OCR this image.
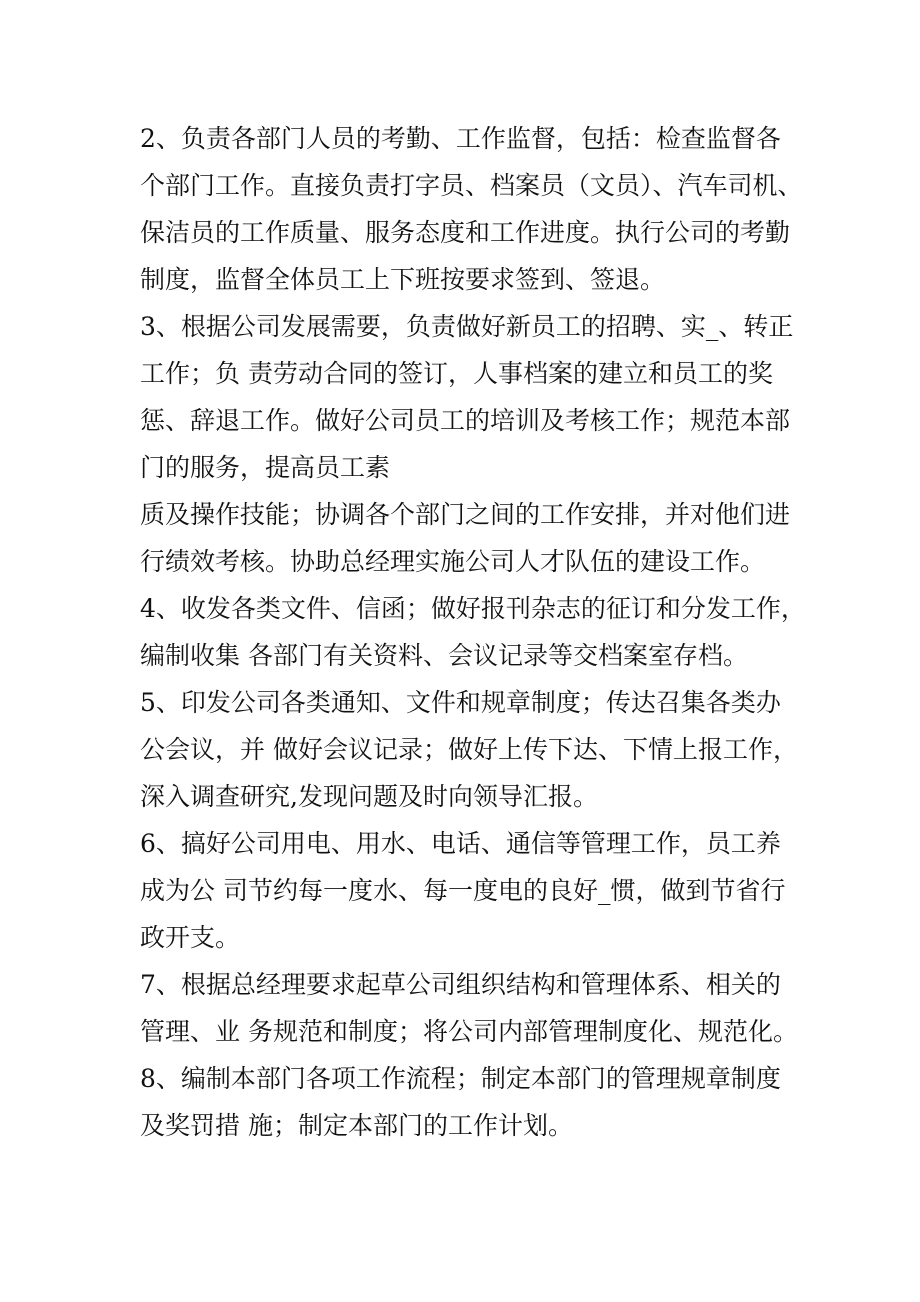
2、负责各部门人员的考勤、工作监督，包括：检查监督各

个部门工作。直接负责打字员、档案员（文员）、汽车司机、

保洁员的工作质量、服务态度和工作进度。执行公司的考勤

制度，监督全体员工上下班按要求签到、签退。

3、根据公司发展需要，负责做好新员工的招聘、实_、转正

工作；负 责劳动合同的签订，人事档案的建立和员工的奖

惩、辞退工作。做好公司员工的培训及考核工作；规范本部

门的服务，提高员工素

质及操作技能；协调各个部门之间的工作安排，并对他们进

行绩效考核。协助总经理实施公司人才队伍的建设工作。

4、收发各类文件、信函；做好报刊杂志的征订和分发工作，

编制收集 各部门有关资料、会议记录等交档案室存档。

5、印发公司各类通知、文件和规章制度；传达召集各类办

公会议，并 做好会议记录；做好上传下达、下情上报工作，

深入调查研究,发现问题及时向领导汇报。

6、搞好公司用电、用水、电话、通信等管理工作，员工养

成为公 司节约每一度水、每一度电的良好_惯，做到节省行

政开支。

7、根据总经理要求起草公司组织结构和管理体系、相关的

管理、业 务规范和制度；将公司内部管理制度化、规范化。

8、编制本部门各项工作流程；制定本部门的管理规章制度

及奖罚措 施；制定本部门的工作计划。
